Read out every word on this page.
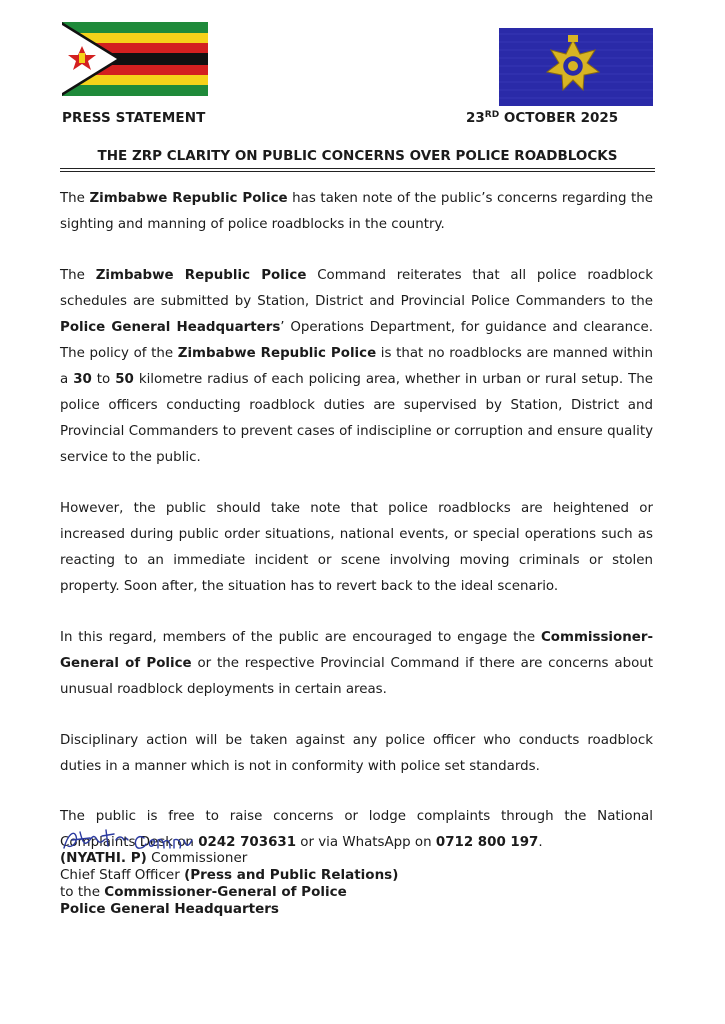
PRESS STATEMENT	23RD OCTOBER 2025
THE ZRP CLARITY ON PUBLIC CONCERNS OVER POLICE ROADBLOCKS

The Zimbabwe Republic Police has taken note of the public’s concerns regarding the sighting and manning of police roadblocks in the country.

The Zimbabwe Republic Police Command reiterates that all police roadblock schedules are submitted by Station, District and Provincial Police Commanders to the Police General Headquarters’ Operations Department, for guidance and clearance. The policy of the Zimbabwe Republic Police is that no roadblocks are manned within a 30 to 50 kilometre radius of each policing area, whether in urban or rural setup. The police officers conducting roadblock duties are supervised by Station, District and Provincial Commanders to prevent cases of indiscipline or corruption and ensure quality service to the public.

However, the public should take note that police roadblocks are heightened or increased during public order situations, national events, or special operations such as reacting to an immediate incident or scene involving moving criminals or stolen property. Soon after, the situation has to revert back to the ideal scenario.

In this regard, members of the public are encouraged to engage the Commissioner-General of Police or the respective Provincial Command if there are concerns about unusual roadblock deployments in certain areas.

Disciplinary action will be taken against any police officer who conducts roadblock duties in a manner which is not in conformity with police set standards.

The public is free to raise concerns or lodge complaints through the National Complaints Desk on 0242 703631 or via WhatsApp on 0712 800 197.

(NYATHI. P) Commissioner
Chief Staff Officer (Press and Public Relations)
to the Commissioner-General of Police
Police General Headquarters
